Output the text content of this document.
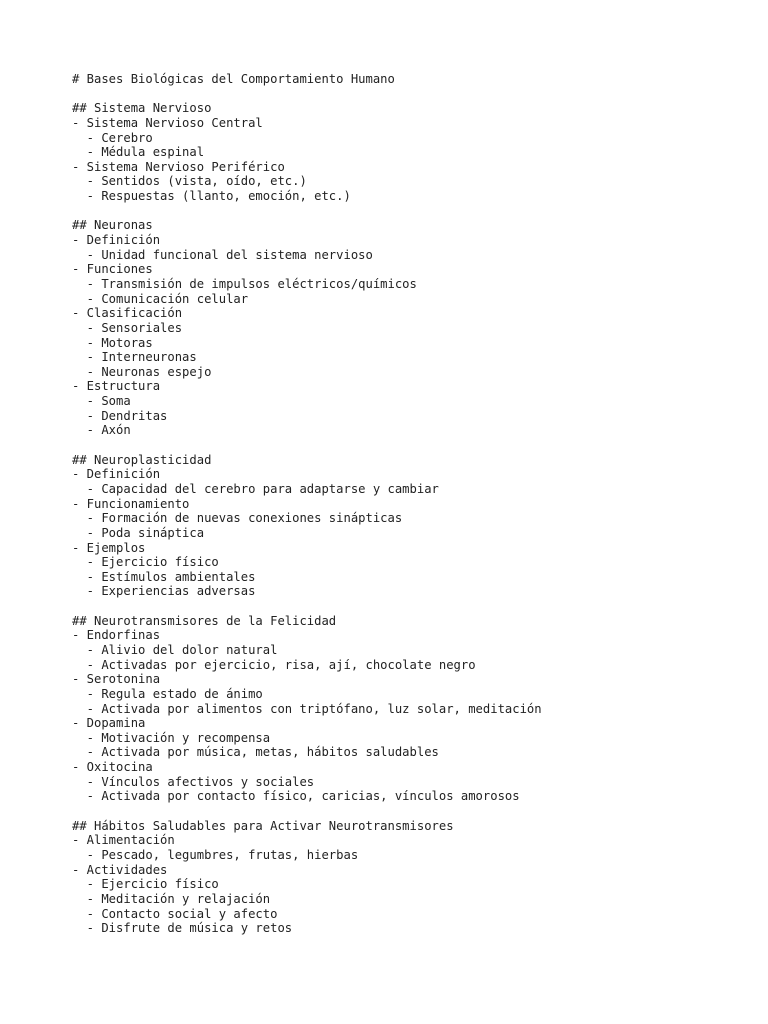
# Bases Biológicas del Comportamiento Humano
## Sistema Nervioso
- Sistema Nervioso Central
- Cerebro
- Médula espinal
- Sistema Nervioso Periférico
- Sentidos (vista, oído, etc.)
- Respuestas (llanto, emoción, etc.)
## Neuronas
- Definición
- Unidad funcional del sistema nervioso
- Funciones
- Transmisión de impulsos eléctricos/químicos
- Comunicación celular
- Clasificación
- Sensoriales
- Motoras
- Interneuronas
- Neuronas espejo
- Estructura
- Soma
- Dendritas
- Axón
## Neuroplasticidad
- Definición
- Capacidad del cerebro para adaptarse y cambiar
- Funcionamiento
- Formación de nuevas conexiones sinápticas
- Poda sináptica
- Ejemplos
- Ejercicio físico
- Estímulos ambientales
- Experiencias adversas
## Neurotransmisores de la Felicidad
- Endorfinas
- Alivio del dolor natural
- Activadas por ejercicio, risa, ají, chocolate negro
- Serotonina
- Regula estado de ánimo
- Activada por alimentos con triptófano, luz solar, meditación
- Dopamina
- Motivación y recompensa
- Activada por música, metas, hábitos saludables
- Oxitocina
- Vínculos afectivos y sociales
- Activada por contacto físico, caricias, vínculos amorosos
## Hábitos Saludables para Activar Neurotransmisores
- Alimentación
- Pescado, legumbres, frutas, hierbas
- Actividades
- Ejercicio físico
- Meditación y relajación
- Contacto social y afecto
- Disfrute de música y retos
